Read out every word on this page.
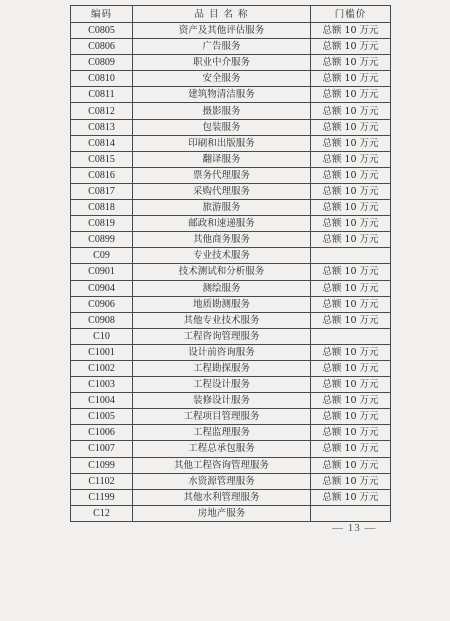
编码	品 目 名 称	门槛价
C0805	资产及其他评估服务	总额 10 万元
C0806	广告服务	总额 10 万元
C0809	职业中介服务	总额 10 万元
C0810	安全服务	总额 10 万元
C0811	建筑物清洁服务	总额 10 万元
C0812	摄影服务	总额 10 万元
C0813	包装服务	总额 10 万元
C0814	印刷和出版服务	总额 10 万元
C0815	翻译服务	总额 10 万元
C0816	票务代理服务	总额 10 万元
C0817	采购代理服务	总额 10 万元
C0818	旅游服务	总额 10 万元
C0819	邮政和速递服务	总额 10 万元
C0899	其他商务服务	总额 10 万元
C09	专业技术服务	
C0901	技术测试和分析服务	总额 10 万元
C0904	测绘服务	总额 10 万元
C0906	地质勘测服务	总额 10 万元
C0908	其他专业技术服务	总额 10 万元
C10	工程咨询管理服务	
C1001	设计前咨询服务	总额 10 万元
C1002	工程勘探服务	总额 10 万元
C1003	工程设计服务	总额 10 万元
C1004	装修设计服务	总额 10 万元
C1005	工程项目管理服务	总额 10 万元
C1006	工程监理服务	总额 10 万元
C1007	工程总承包服务	总额 10 万元
C1099	其他工程咨询管理服务	总额 10 万元
C1102	水资源管理服务	总额 10 万元
C1199	其他水利管理服务	总额 10 万元
C12	房地产服务	
— 13 —
